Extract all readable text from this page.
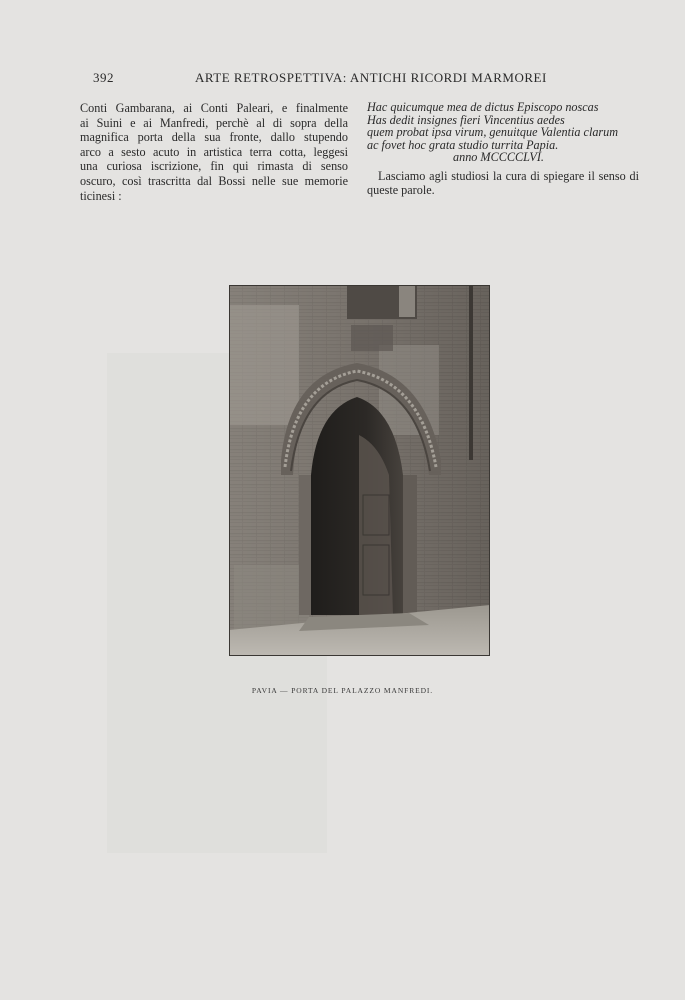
392	ARTE RETROSPETTIVA: ANTICHI RICORDI MARMOREI
Conti Gambarana, ai Conti Paleari, e finalmente
ai Suini e ai Manfredi, perchè al di sopra della
magnifica porta della sua fronte, dallo stupendo
arco a sesto acuto in artistica terra cotta, leggesi
una curiosa iscrizione, fin qui rimasta di senso
oscuro, così trascritta dal Bossi nelle sue memorie
ticinesi :
Hac quicumque mea de dictus Episcopo noscas
Has dedit insignes fieri Vincentius aedes
quem probat ipsa virum, genuitque Valentia clarum
ac fovet hoc grata studio turrita Papia.
anno MCCCCLVI.
Lasciamo agli studiosi la cura di spiegare il senso di queste parole.
PAVIA — PORTA DEL PALAZZO MANFREDI.
